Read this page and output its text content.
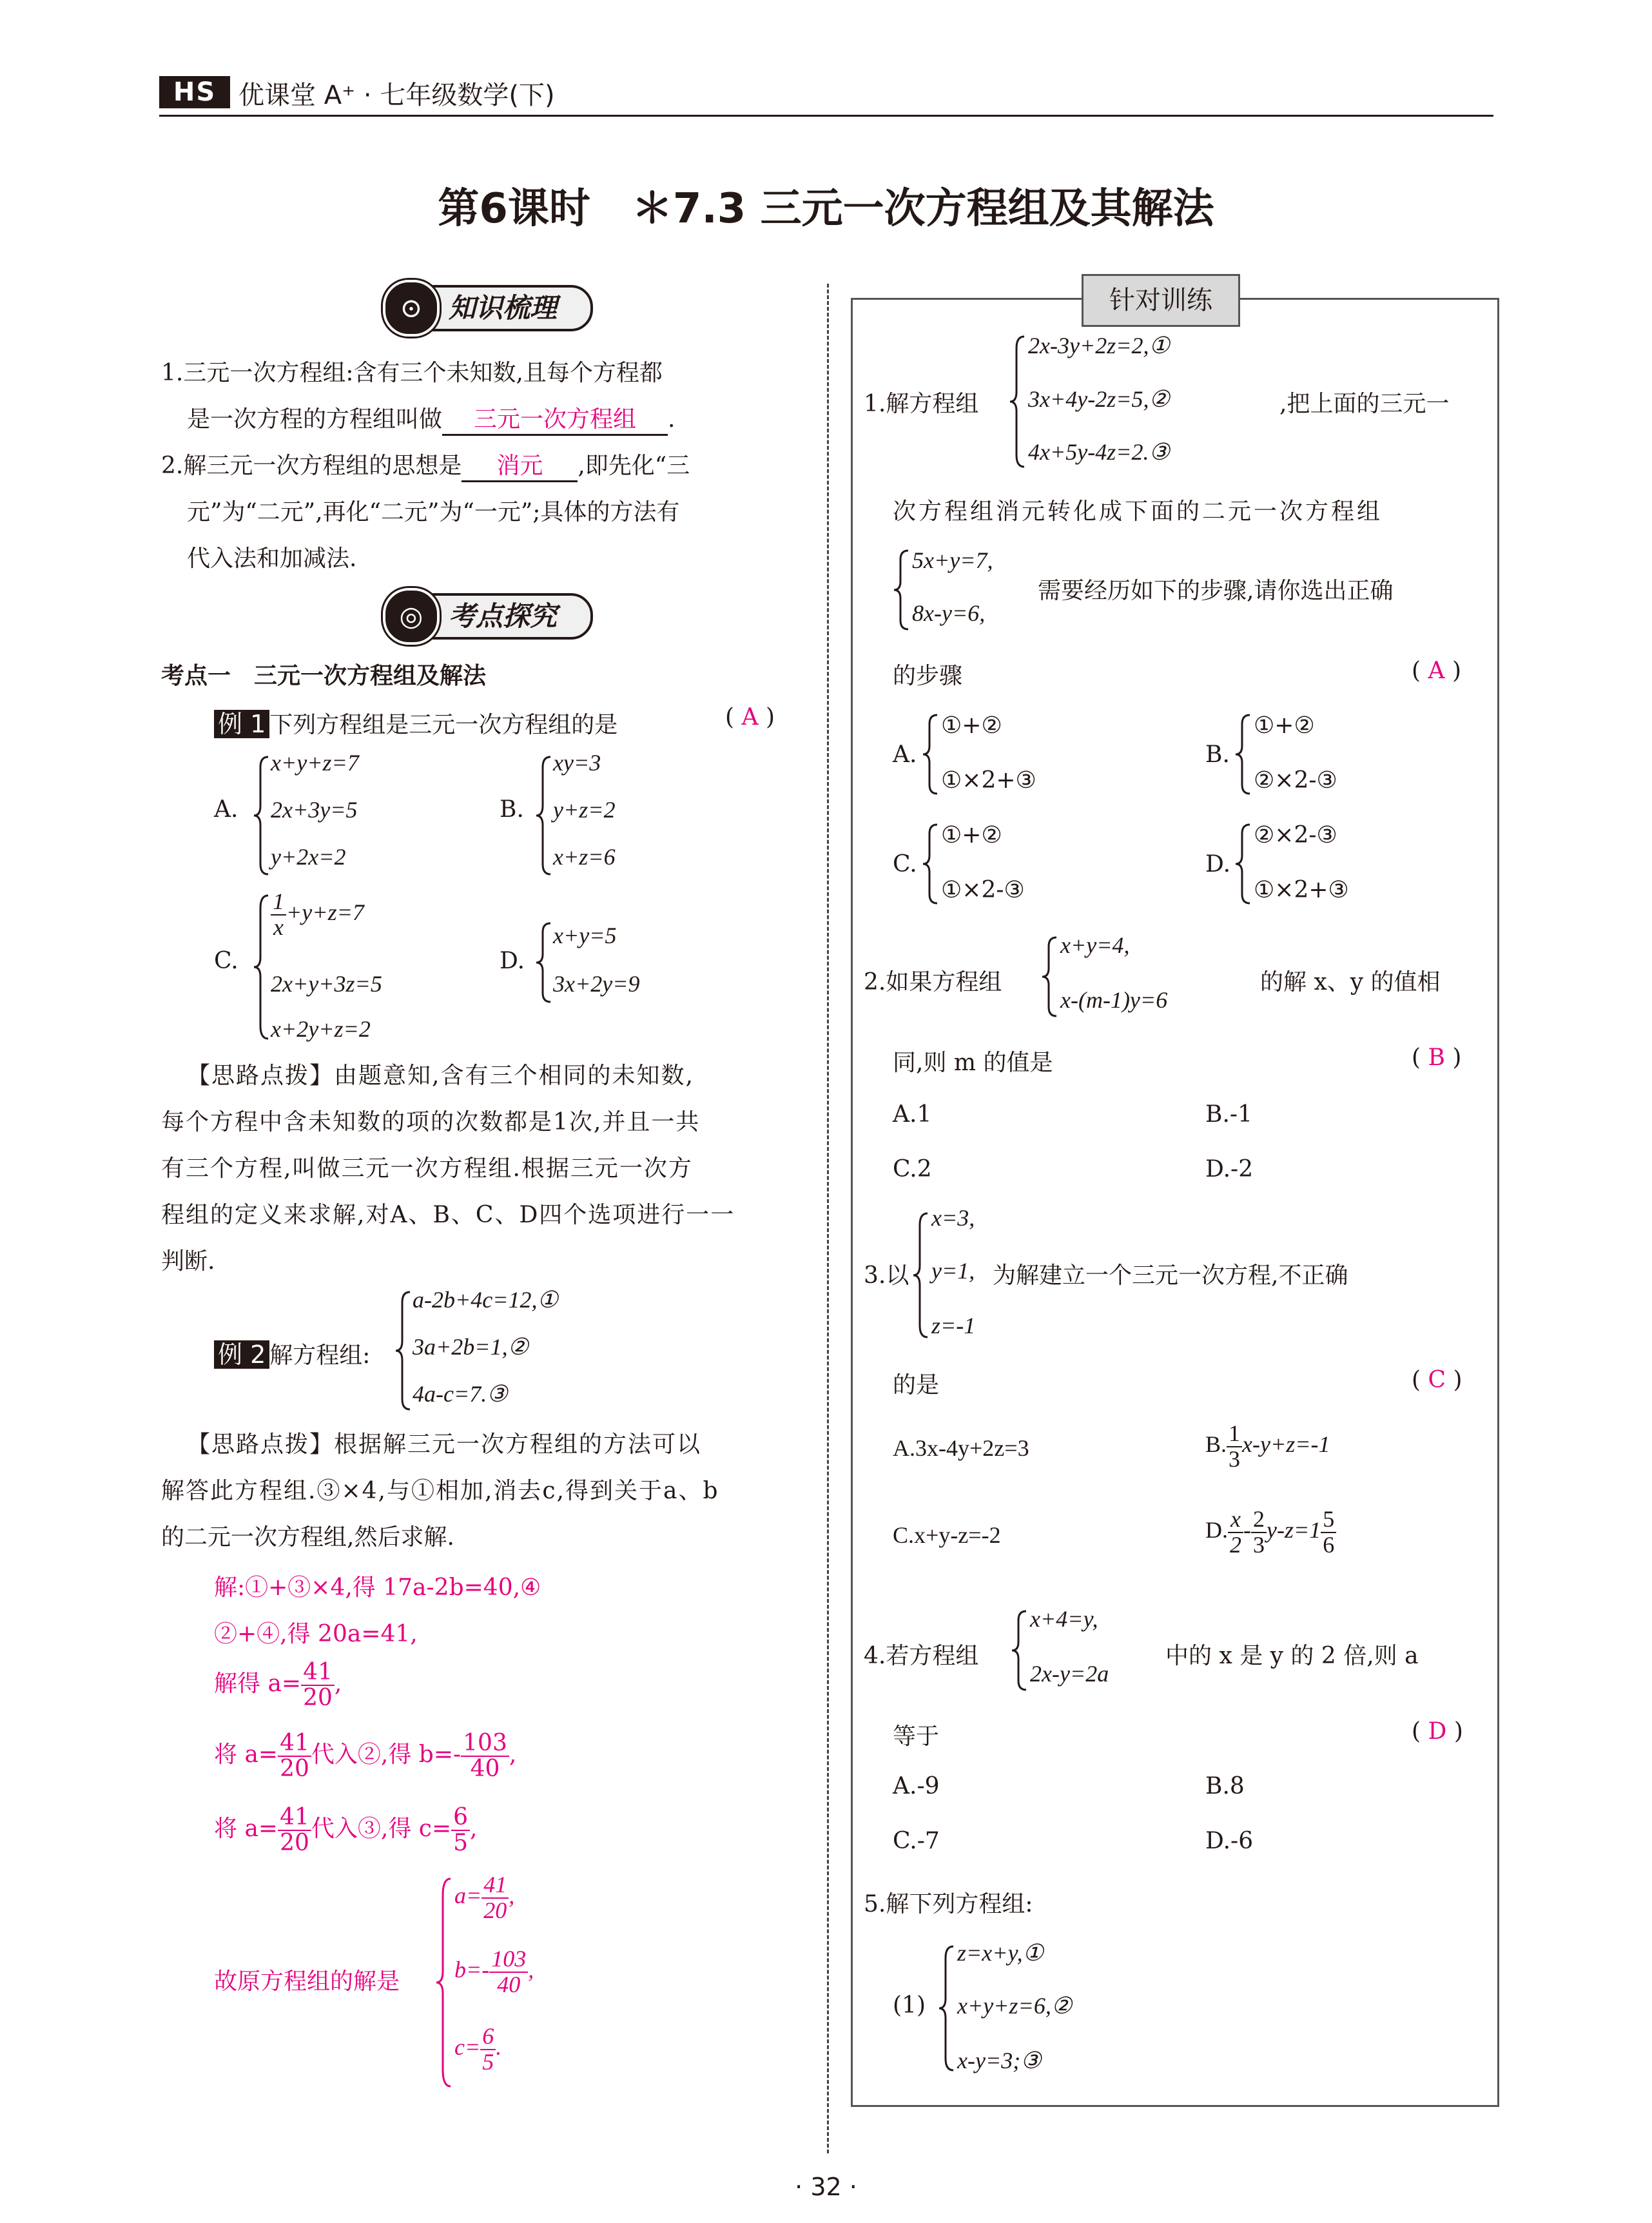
HS 优课堂 A⁺ · 七年级数学(下)
第6课时　＊7.3 三元一次方程组及其解法
⊙ 知识梳理
1.三元一次方程组:含有三个未知数,且每个方程都
是一次方程的方程组叫做 三元一次方程组 .
2.解三元一次方程组的思想是 消元 ,即先化“三
元”为“二元”,再化“二元”为“一元”;具体的方法有
代入法和加减法.
◎ 考点探究
考点一　三元一次方程组及解法
例 1 下列方程组是三元一次方程组的是	( A )
A.
x+y+z=7
2x+3y=5
y+2x=2
B.
xy=3
y+z=2
x+z=6
C.
$\frac{1}{x} +y+z=7$
2x+y+3z=5
x+2y+z=2
D.
x+y=5
3x+2y=9
【思路点拨】由题意知,含有三个相同的未知数,
每个方程中含未知数的项的次数都是1次,并且一共
有三个方程,叫做三元一次方程组.根据三元一次方
程组的定义来求解,对A、B、C、D四个选项进行一一
判断.
例 2 解方程组:
a-2b+4c=12,①
3a+2b=1,②
4a-c=7.③
【思路点拨】根据解三元一次方程组的方法可以
解答此方程组.③×4,与①相加,消去c,得到关于a、b
的二元一次方程组,然后求解.
解:①+③×4,得 17a-2b=40,④
②+④,得 20a=41,
解得 $a= \frac{41}{20}$ ,
将 $a= \frac{41}{20}$ 代入②,得 $b=- \frac{103}{40}$ ,
将 $a= \frac{41}{20}$ 代入③,得 $c= \frac{6}{5}$ ,
故原方程组的解是
$a= \frac{41}{20}$ ,
$b=- \frac{103}{40}$ ,
$c= \frac{6}{5}$ .
针对训练
1.解方程组
2x-3y+2z=2,①
3x+4y-2z=5,②
4x+5y-4z=2.③
,把上面的三元一
次方程组消元转化成下面的二元一次方程组
5x+y=7,
8x-y=6,
需要经历如下的步骤,请你选出正确
的步骤	( A )
A.
①+②
①×2+③
B.
①+②
②×2-③
C.
①+②
①×2-③
D.
②×2-③
①×2+③
2.如果方程组
x+y=4,
x-(m-1)y=6
的解 x、y 的值相
同,则 m 的值是	( B )
A.1	B.-1
C.2	D.-2
3.以
x=3,
y=1,
z=-1
为解建立一个三元一次方程,不正确
的是	( C )
A.3x-4y+2z=3	B. $\frac{1}{3} x-y+z=-1$
C.x+y-z=-2	D. $\frac{x}{2} - \frac{2}{3} y-z=1 \frac{5}{6}$
4.若方程组
x+4=y,
2x-y=2a
中的 x 是 y 的 2 倍,则 a
等于	( D )
A.-9	B.8
C.-7	D.-6
5.解下列方程组:
(1)
z=x+y,①
x+y+z=6,②
x-y=3;③
· 32 ·
